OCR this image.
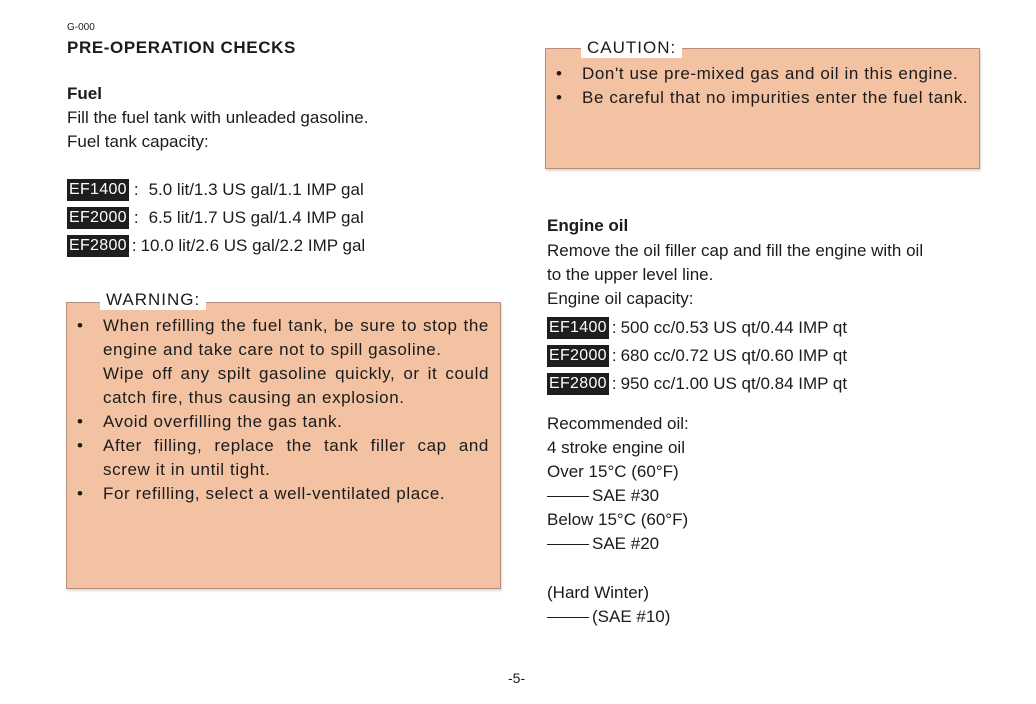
G-000
PRE-OPERATION CHECKS
Fuel
Fill the fuel tank with unleaded gasoline.
Fuel tank capacity:
EF1400 : 5.0 lit/1.3 US gal/1.1 IMP gal
EF2000 : 6.5 lit/1.7 US gal/1.4 IMP gal
EF2800 : 10.0 lit/2.6 US gal/2.2 IMP gal
• When refilling the fuel tank, be sure to stop the engine and take care not to spill gasoline.
Wipe off any spilt gasoline quickly, or it could catch fire, thus causing an explosion.
• Avoid overfilling the gas tank.
• After filling, replace the tank filler cap and screw it in until tight.
• For refilling, select a well-ventilated place.
WARNING:
• Don't use pre-mixed gas and oil in this engine.
• Be careful that no impurities enter the fuel tank.
CAUTION:
Engine oil
Remove the oil filler cap and fill the engine with oil
to the upper level line.
Engine oil capacity:
EF1400 : 500 cc/0.53 US qt/0.44 IMP qt
EF2000 : 680 cc/0.72 US qt/0.60 IMP qt
EF2800 : 950 cc/1.00 US qt/0.84 IMP qt
Recommended oil:
4 stroke engine oil
Over 15°C (60°F)
SAE #30
Below 15°C (60°F)
SAE #20
(Hard Winter)
(SAE #10)
-5-
